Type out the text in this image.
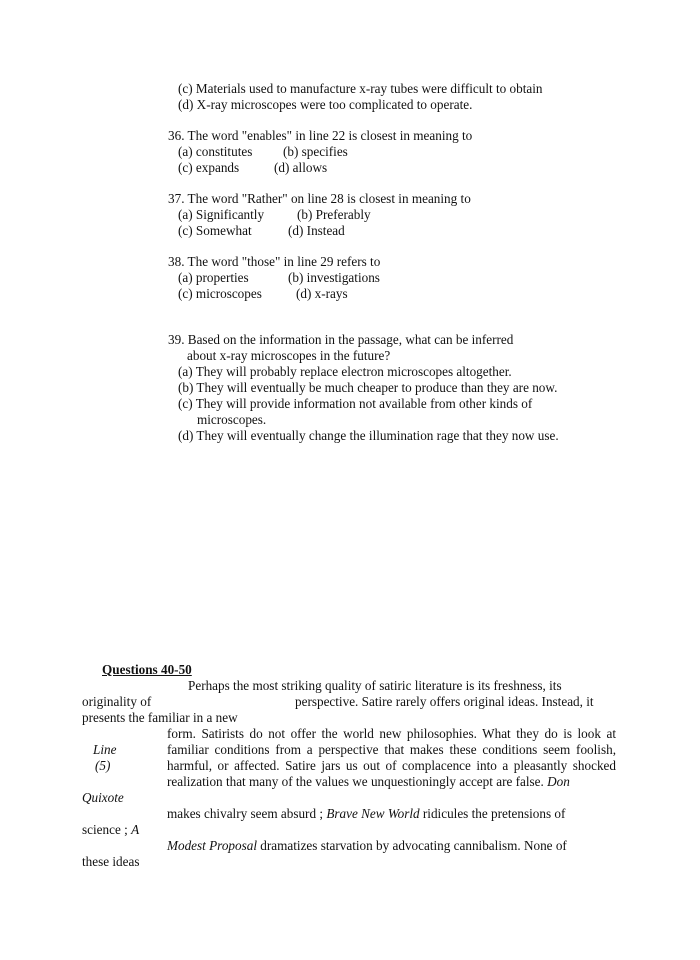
(c) Materials used to manufacture x-ray tubes were difficult to obtain
(d) X-ray microscopes were too complicated to operate.
36. The word "enables" in line 22 is closest in meaning to
(a) constitutes (b) specifies
(c) expands	(d) allows
37. The word "Rather" on line 28 is closest in meaning to
(a) Significantly (b) Preferably
(c) Somewhat	(d) Instead
38. The word "those" in line 29 refers to
(a) properties	(b) investigations
(c) microscopes	(d) x-rays
39. Based on the information in the passage, what can be inferred
about x-ray microscopes in the future?
(a) They will probably replace electron microscopes altogether.
(b) They will eventually be much cheaper to produce than they are now.
(c) They will provide information not available from other kinds of
microscopes.
(d) They will eventually change the illumination rage that they now use.
Questions 40-50
Perhaps the most striking quality of satiric literature is its freshness, its
originality of	perspective. Satire rarely offers original ideas. Instead, it
presents the familiar in a new
form. Satirists do not offer the world new philosophies. What they do is look at
Line	familiar conditions from a perspective that makes these conditions seem foolish,
(5)	harmful, or affected. Satire jars us out of complacence into a pleasantly shocked
realization that many of the values we unquestioningly accept are false. Don
Quixote
makes chivalry seem absurd ; Brave New World ridicules the pretensions of
science ; A
Modest Proposal dramatizes starvation by advocating cannibalism. None of
these ideas
